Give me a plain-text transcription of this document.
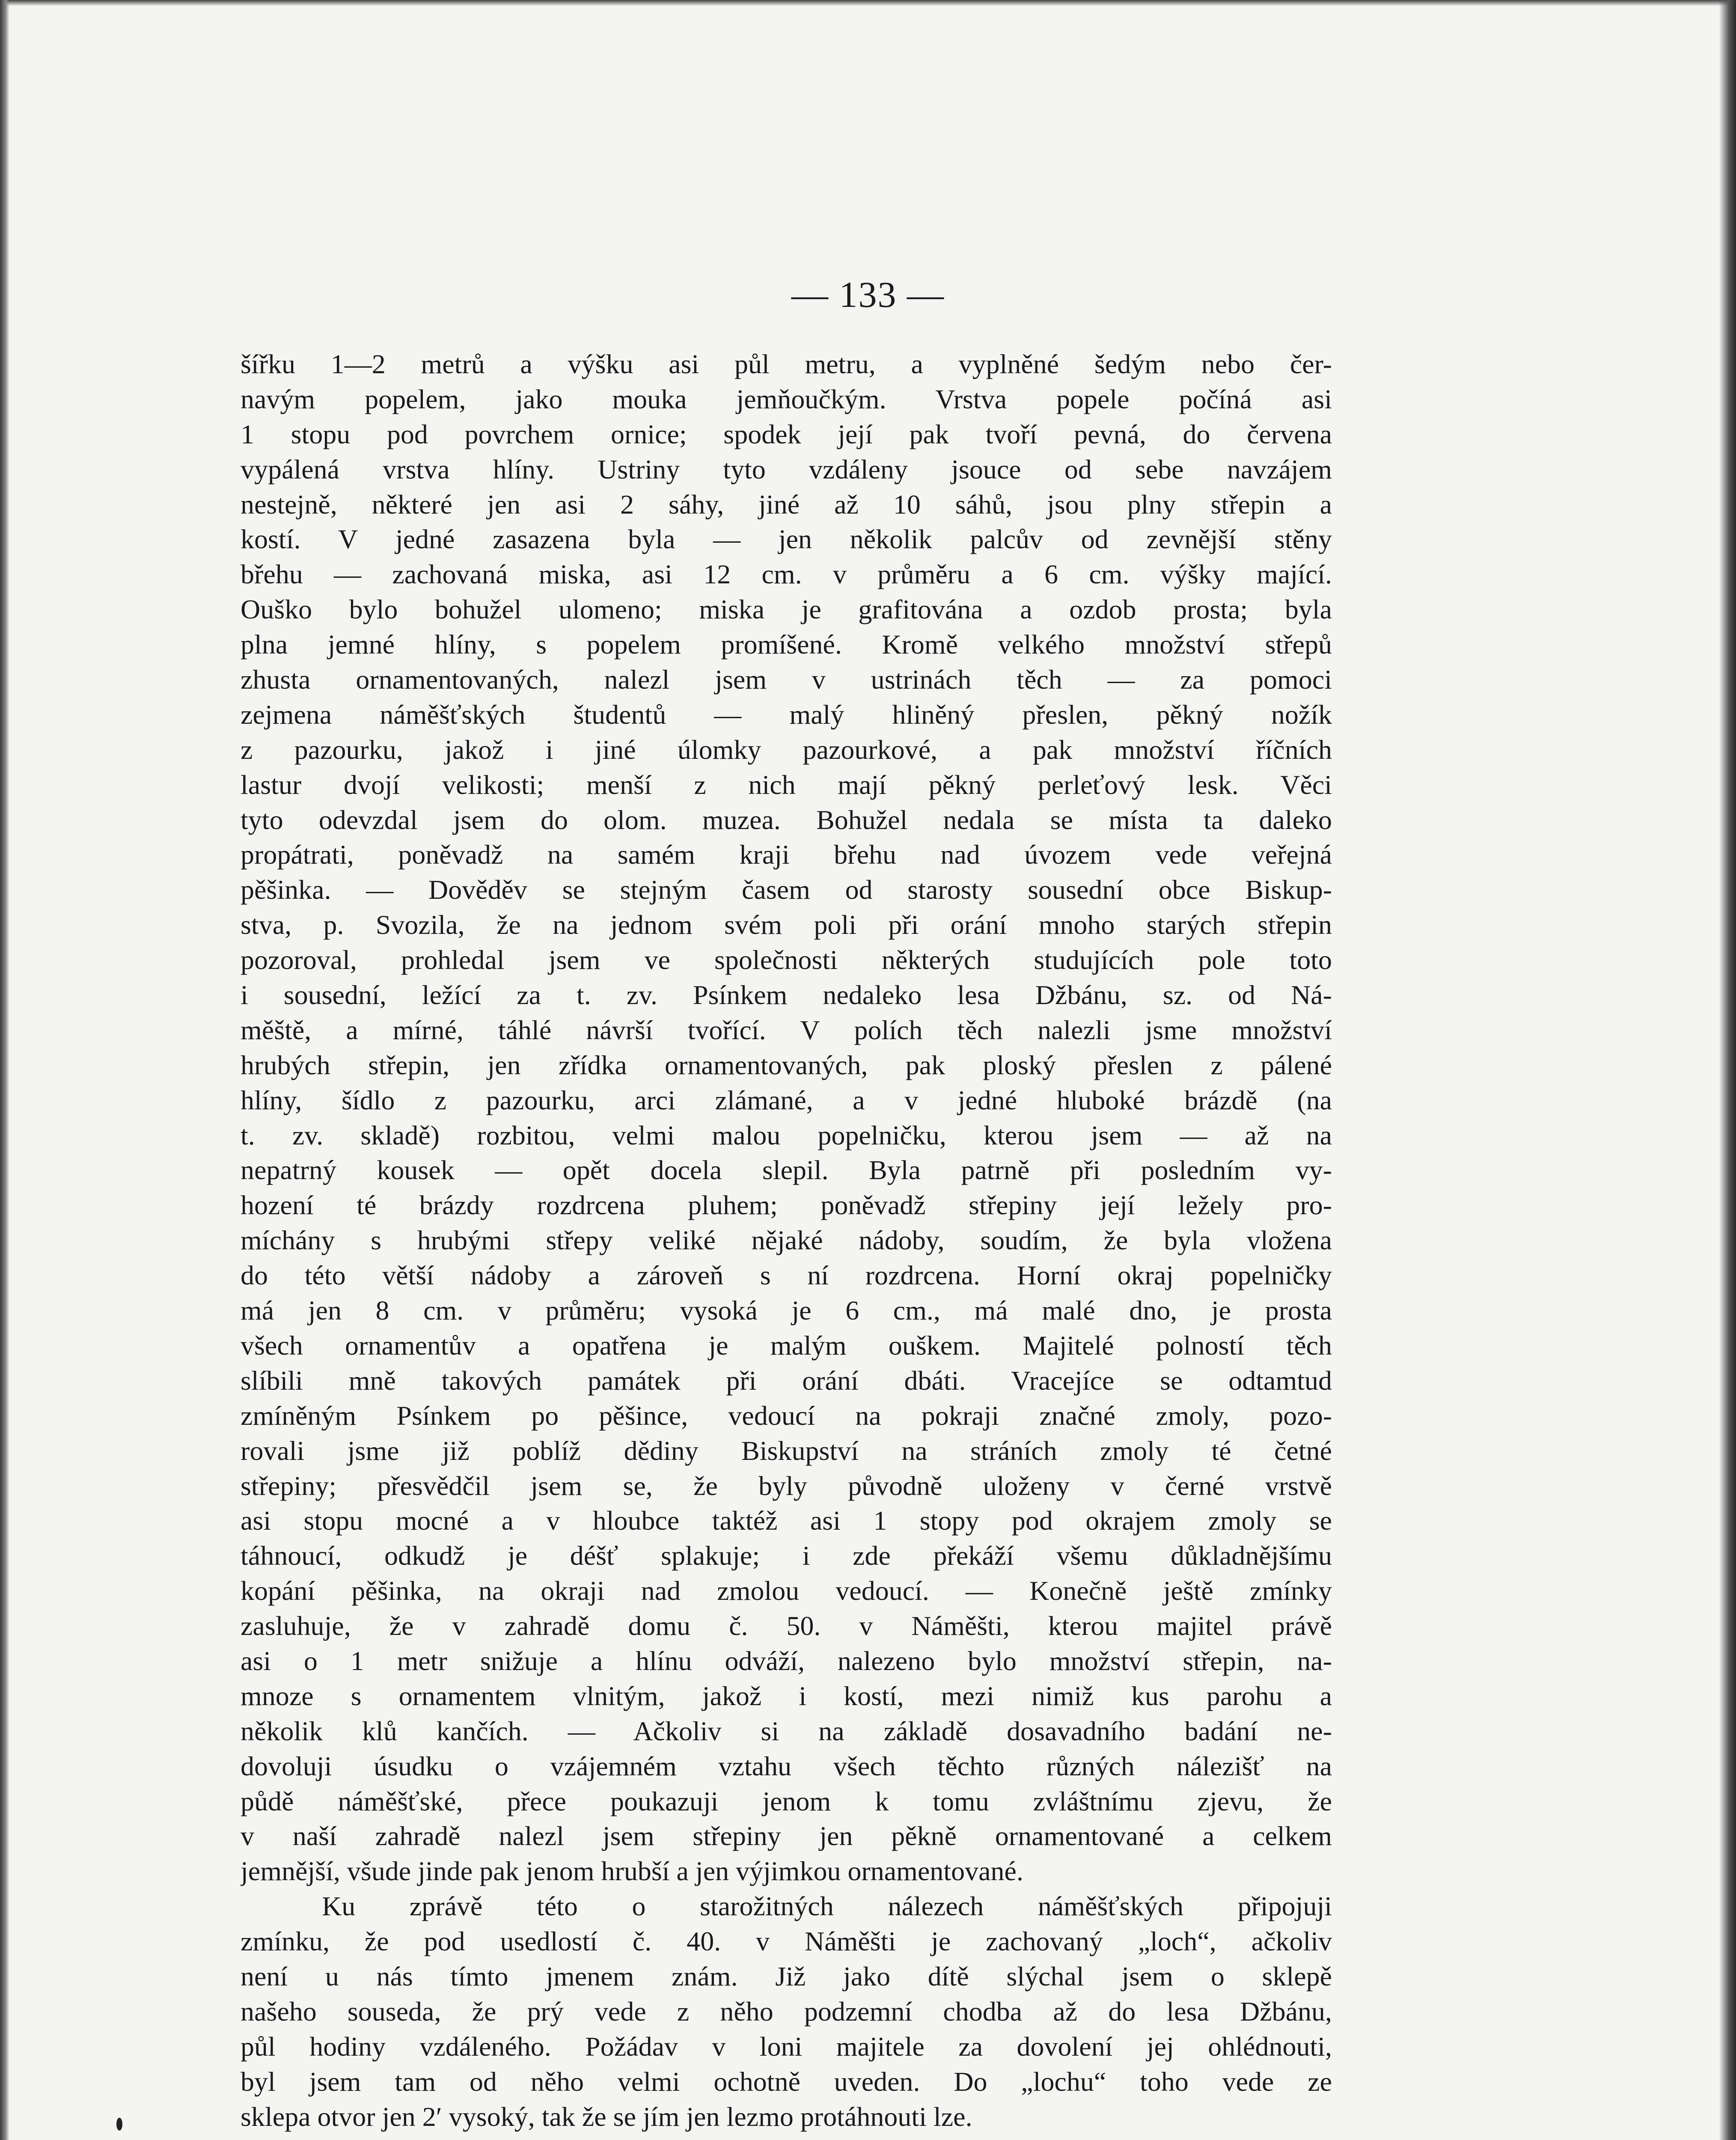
— 133 —
šířku 1—2 metrů a výšku asi půl metru, a vyplněné šedým nebo čer-
navým popelem, jako mouka jemňoučkým. Vrstva popele počíná asi
1 stopu pod povrchem ornice; spodek její pak tvoří pevná, do červena
vypálená vrstva hlíny. Ustriny tyto vzdáleny jsouce od sebe navzájem
nestejně, některé jen asi 2 sáhy, jiné až 10 sáhů, jsou plny střepin a
kostí. V jedné zasazena byla — jen několik palcův od zevnější stěny
břehu — zachovaná miska, asi 12 cm. v průměru a 6 cm. výšky mající.
Ouško bylo bohužel ulomeno; miska je grafitována a ozdob prosta; byla
plna jemné hlíny, s popelem promíšené. Kromě velkého množství střepů
zhusta ornamentovaných, nalezl jsem v ustrinách těch — za pomoci
zejmena náměšťských študentů — malý hliněný přeslen, pěkný nožík
z pazourku, jakož i jiné úlomky pazourkové, a pak množství říčních
lastur dvojí velikosti; menší z nich mají pěkný perleťový lesk. Věci
tyto odevzdal jsem do olom. muzea. Bohužel nedala se místa ta daleko
propátrati, poněvadž na samém kraji břehu nad úvozem vede veřejná
pěšinka. — Dověděv se stejným časem od starosty sousední obce Biskup-
stva, p. Svozila, že na jednom svém poli při orání mnoho starých střepin
pozoroval, prohledal jsem ve společnosti některých studujících pole toto
i sousední, ležící za t. zv. Psínkem nedaleko lesa Džbánu, sz. od Ná-
měště, a mírné, táhlé návrší tvořící. V polích těch nalezli jsme množství
hrubých střepin, jen zřídka ornamentovaných, pak ploský přeslen z pálené
hlíny, šídlo z pazourku, arci zlámané, a v jedné hluboké brázdě (na
t. zv. skladě) rozbitou, velmi malou popelničku, kterou jsem — až na
nepatrný kousek — opět docela slepil. Byla patrně při posledním vy-
hození té brázdy rozdrcena pluhem; poněvadž střepiny její ležely pro-
míchány s hrubými střepy veliké nějaké nádoby, soudím, že byla vložena
do této větší nádoby a zároveň s ní rozdrcena. Horní okraj popelničky
má jen 8 cm. v průměru; vysoká je 6 cm., má malé dno, je prosta
všech ornamentův a opatřena je malým ouškem. Majitelé polností těch
slíbili mně takových památek při orání dbáti. Vracejíce se odtamtud
zmíněným Psínkem po pěšince, vedoucí na pokraji značné zmoly, pozo-
rovali jsme již poblíž dědiny Biskupství na stráních zmoly té četné
střepiny; přesvědčil jsem se, že byly původně uloženy v černé vrstvě
asi stopu mocné a v hloubce taktéž asi 1 stopy pod okrajem zmoly se
táhnoucí, odkudž je déšť splakuje; i zde překáží všemu důkladnějšímu
kopání pěšinka, na okraji nad zmolou vedoucí. — Konečně ještě zmínky
zasluhuje, že v zahradě domu č. 50. v Náměšti, kterou majitel právě
asi o 1 metr snižuje a hlínu odváží, nalezeno bylo množství střepin, na-
mnoze s ornamentem vlnitým, jakož i kostí, mezi nimiž kus parohu a
několik klů kančích. — Ačkoliv si na základě dosavadního badání ne-
dovoluji úsudku o vzájemném vztahu všech těchto různých nálezišť na
půdě náměšťské, přece poukazuji jenom k tomu zvláštnímu zjevu, že
v naší zahradě nalezl jsem střepiny jen pěkně ornamentované a celkem
jemnější, všude jinde pak jenom hrubší a jen výjimkou ornamentované.
Ku zprávě této o starožitných nálezech náměšťských připojuji
zmínku, že pod usedlostí č. 40. v Náměšti je zachovaný „loch“, ačkoliv
není u nás tímto jmenem znám. Již jako dítě slýchal jsem o sklepě
našeho souseda, že prý vede z něho podzemní chodba až do lesa Džbánu,
půl hodiny vzdáleného. Požádav v loni majitele za dovolení jej ohlédnouti,
byl jsem tam od něho velmi ochotně uveden. Do „lochu“ toho vede ze
sklepa otvor jen 2′ vysoký, tak že se jím jen lezmo protáhnouti lze.
